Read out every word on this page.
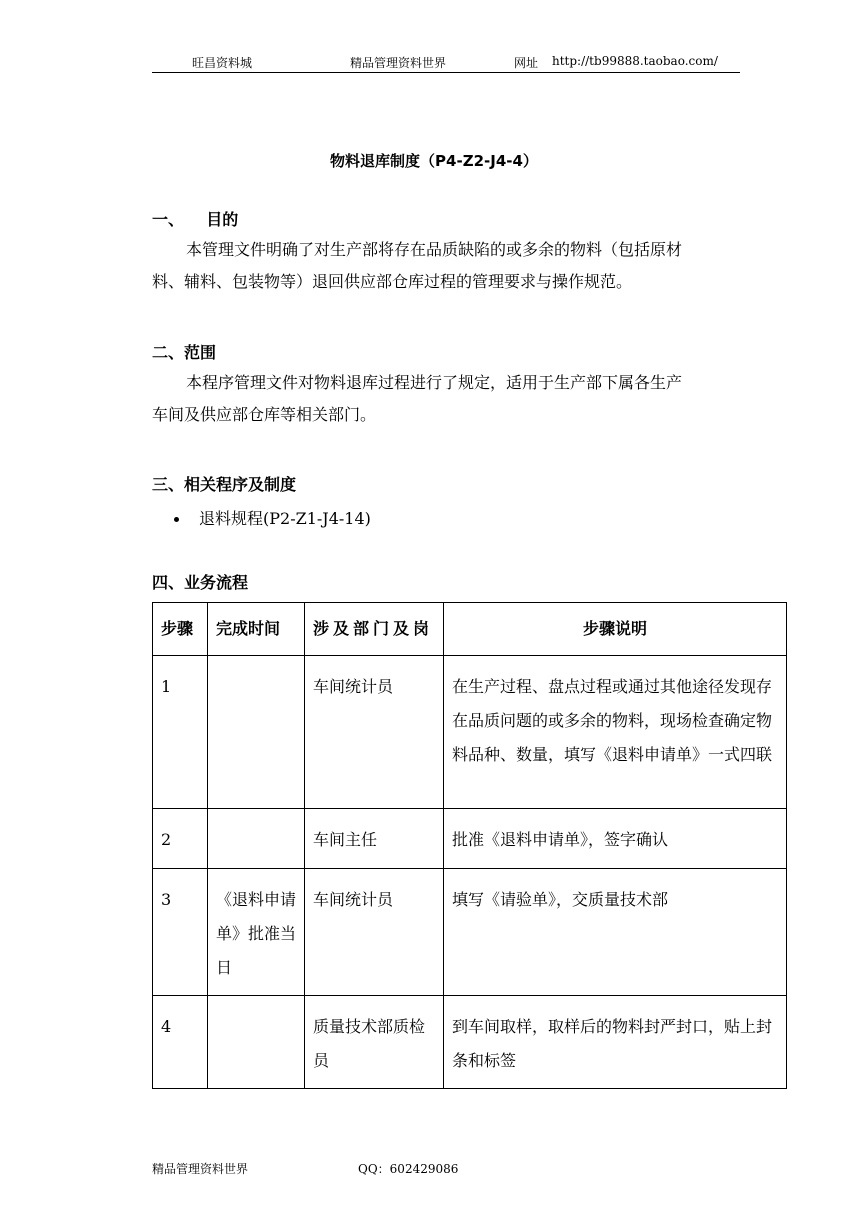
旺昌资料城	精品管理资料世界	网址 http://tb99888.taobao.com/
物料退库制度（P4-Z2-J4-4）
一、    目的

本管理文件明确了对生产部将存在品质缺陷的或多余的物料（包括原材

料、辅料、包装物等）退回供应部仓库过程的管理要求与操作规范。

二、范围

本程序管理文件对物料退库过程进行了规定，适用于生产部下属各生产

车间及供应部仓库等相关部门。

三、相关程序及制度
退料规程(P2-Z1-J4-14)
四、业务流程
步骤	完成时间	涉及部门及岗	步骤说明
1		车间统计员	在生产过程、盘点过程或通过其他途径发现存在品质问题的或多余的物料，现场检查确定物料品种、数量，填写《退料申请单》一式四联
2		车间主任	批准《退料申请单》，签字确认
3	《退料申请单》批准当日	车间统计员	填写《请验单》，交质量技术部
4		质量技术部质检员	到车间取样，取样后的物料封严封口，贴上封条和标签
精品管理资料世界	QQ：602429086
